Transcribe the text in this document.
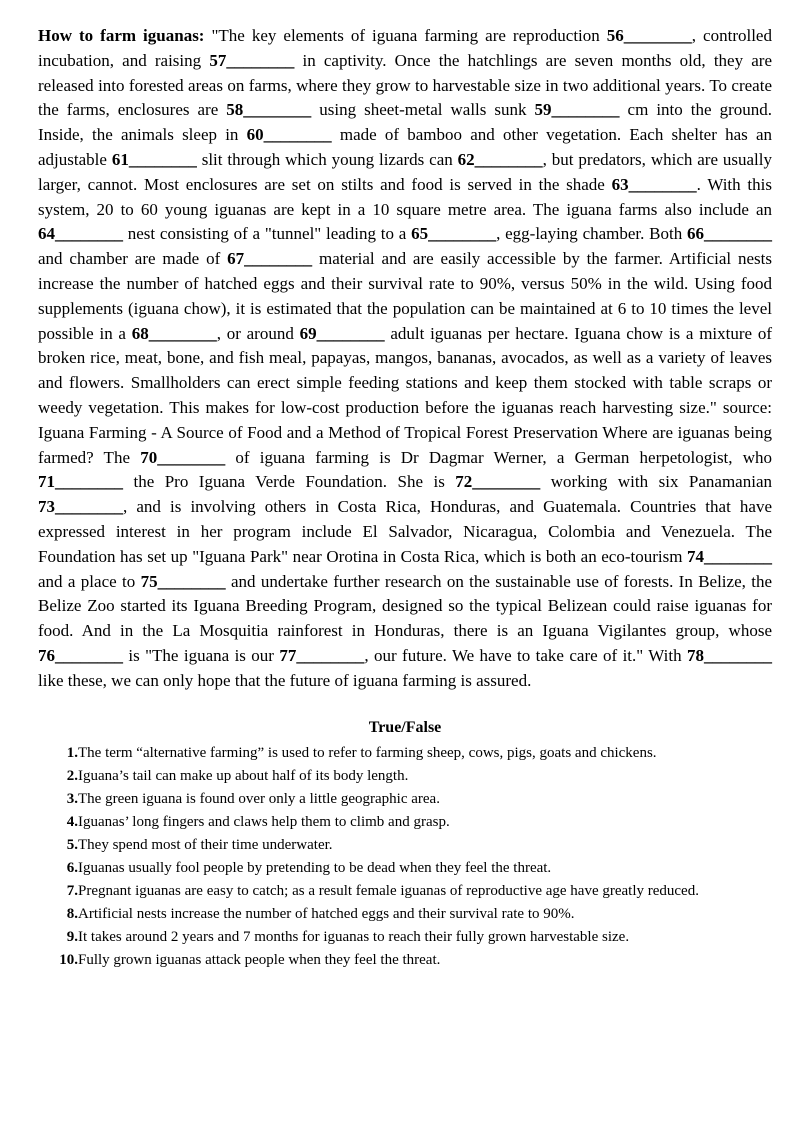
How to farm iguanas: "The key elements of iguana farming are reproduction 56________, controlled incubation, and raising 57________ in captivity. Once the hatchlings are seven months old, they are released into forested areas on farms, where they grow to harvestable size in two additional years. To create the farms, enclosures are 58________ using sheet-metal walls sunk 59________ cm into the ground. Inside, the animals sleep in 60________ made of bamboo and other vegetation. Each shelter has an adjustable 61________ slit through which young lizards can 62________, but predators, which are usually larger, cannot. Most enclosures are set on stilts and food is served in the shade 63________. With this system, 20 to 60 young iguanas are kept in a 10 square metre area. The iguana farms also include an 64________ nest consisting of a "tunnel" leading to a 65________, egg-laying chamber. Both 66________ and chamber are made of 67________ material and are easily accessible by the farmer. Artificial nests increase the number of hatched eggs and their survival rate to 90%, versus 50% in the wild. Using food supplements (iguana chow), it is estimated that the population can be maintained at 6 to 10 times the level possible in a 68________, or around 69________ adult iguanas per hectare. Iguana chow is a mixture of broken rice, meat, bone, and fish meal, papayas, mangos, bananas, avocados, as well as a variety of leaves and flowers. Smallholders can erect simple feeding stations and keep them stocked with table scraps or weedy vegetation. This makes for low-cost production before the iguanas reach harvesting size." source: Iguana Farming - A Source of Food and a Method of Tropical Forest Preservation Where are iguanas being farmed? The 70________ of iguana farming is Dr Dagmar Werner, a German herpetologist, who 71________ the Pro Iguana Verde Foundation. She is 72________ working with six Panamanian 73________, and is involving others in Costa Rica, Honduras, and Guatemala. Countries that have expressed interest in her program include El Salvador, Nicaragua, Colombia and Venezuela. The Foundation has set up "Iguana Park" near Orotina in Costa Rica, which is both an eco-tourism 74________ and a place to 75________ and undertake further research on the sustainable use of forests. In Belize, the Belize Zoo started its Iguana Breeding Program, designed so the typical Belizean could raise iguanas for food. And in the La Mosquitia rainforest in Honduras, there is an Iguana Vigilantes group, whose 76________ is "The iguana is our 77________, our future. We have to take care of it." With 78________ like these, we can only hope that the future of iguana farming is assured.

True/False
1. The term “alternative farming” is used to refer to farming sheep, cows, pigs, goats and chickens.
2. Iguana’s tail can make up about half of its body length.
3. The green iguana is found over only a little geographic area.
4. Iguanas’ long fingers and claws help them to climb and grasp.
5. They spend most of their time underwater.
6. Iguanas usually fool people by pretending to be dead when they feel the threat.
7. Pregnant iguanas are easy to catch; as a result female iguanas of reproductive age have greatly reduced.
8. Artificial nests increase the number of hatched eggs and their survival rate to 90%.
9. It takes around 2 years and 7 months for iguanas to reach their fully grown harvestable size.
10. Fully grown iguanas attack people when they feel the threat.
